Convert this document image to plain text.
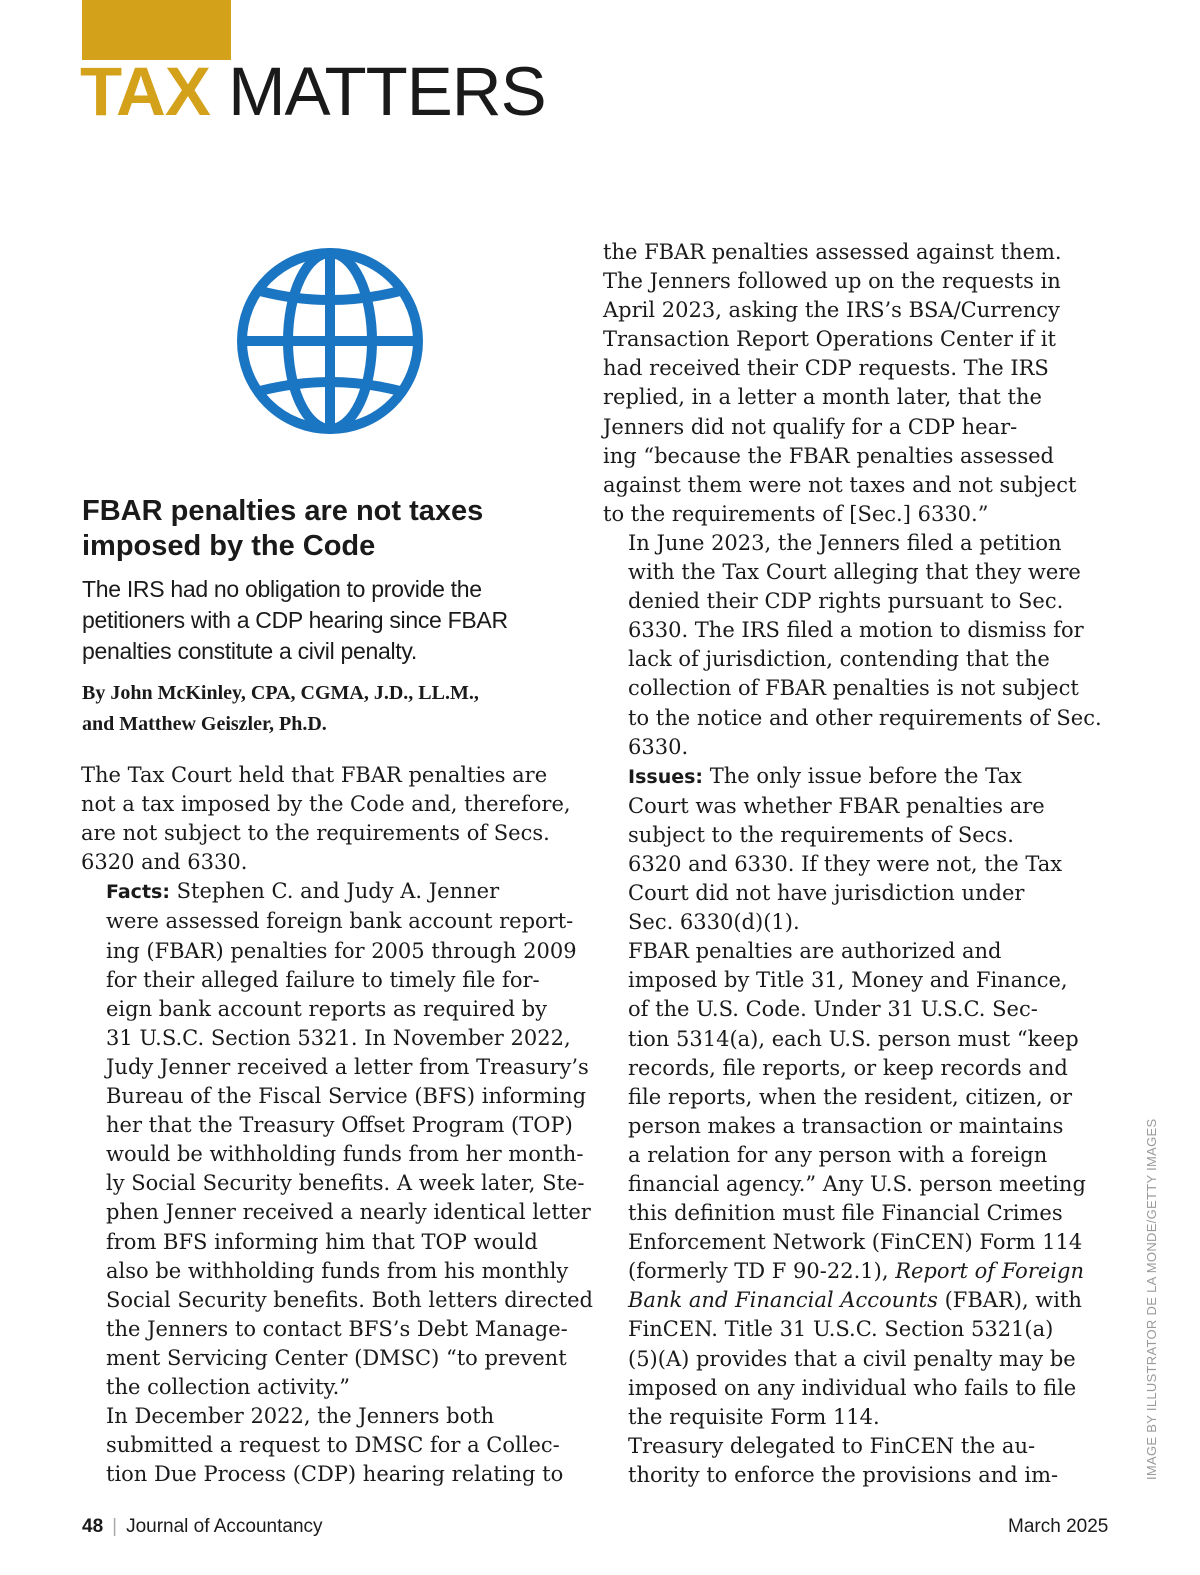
TAX MATTERS
FBAR penalties are not taxes imposed by the Code

The IRS had no obligation to provide the petitioners with a CDP hearing since FBAR penalties constitute a civil penalty.

By John McKinley, CPA, CGMA, J.D., LL.M.,
and Matthew Geiszler, Ph.D.

The Tax Court held that FBAR penalties are not a tax imposed by the Code and, therefore, are not subject to the requirements of Secs. 6320 and 6330.

Facts: Stephen C. and Judy A. Jenner
were assessed foreign bank account report-
ing (FBAR) penalties for 2005 through 2009
for their alleged failure to timely file for-
eign bank account reports as required by
31 U.S.C. Section 5321. In November 2022,
Judy Jenner received a letter from Treasury’s
Bureau of the Fiscal Service (BFS) informing
her that the Treasury Offset Program (TOP)
would be withholding funds from her month-
ly Social Security benefits. A week later, Ste-
phen Jenner received a nearly identical letter
from BFS informing him that TOP would
also be withholding funds from his monthly
Social Security benefits. Both letters directed
the Jenners to contact BFS’s Debt Manage-
ment Servicing Center (DMSC) “to prevent
the collection activity.”

In December 2022, the Jenners both
submitted a request to DMSC for a Collec-
tion Due Process (CDP) hearing relating to

the FBAR penalties assessed against them.
The Jenners followed up on the requests in
April 2023, asking the IRS’s BSA/Currency
Transaction Report Operations Center if it
had received their CDP requests. The IRS
replied, in a letter a month later, that the
Jenners did not qualify for a CDP hear-
ing “because the FBAR penalties assessed
against them were not taxes and not subject
to the requirements of [Sec.] 6330.”

In June 2023, the Jenners filed a petition
with the Tax Court alleging that they were
denied their CDP rights pursuant to Sec.
6330. The IRS filed a motion to dismiss for
lack of jurisdiction, contending that the
collection of FBAR penalties is not subject
to the notice and other requirements of Sec.
6330.

Issues: The only issue before the Tax
Court was whether FBAR penalties are
subject to the requirements of Secs.
6320 and 6330. If they were not, the Tax
Court did not have jurisdiction under
Sec. 6330(d)(1).

FBAR penalties are authorized and
imposed by Title 31, Money and Finance,
of the U.S. Code. Under 31 U.S.C. Sec-
tion 5314(a), each U.S. person must “keep
records, file reports, or keep records and
file reports, when the resident, citizen, or
person makes a transaction or maintains
a relation for any person with a foreign
financial agency.” Any U.S. person meeting
this definition must file Financial Crimes
Enforcement Network (FinCEN) Form 114
(formerly TD F 90-22.1), Report of Foreign
Bank and Financial Accounts (FBAR), with
FinCEN. Title 31 U.S.C. Section 5321(a)
(5)(A) provides that a civil penalty may be
imposed on any individual who fails to file
the requisite Form 114.

Treasury delegated to FinCEN the au-
thority to enforce the provisions and im-	IMAGE BY ILLUSTRATOR DE LA MONDE/GETTY IMAGES
48 | Journal of Accountancy	March 2025
